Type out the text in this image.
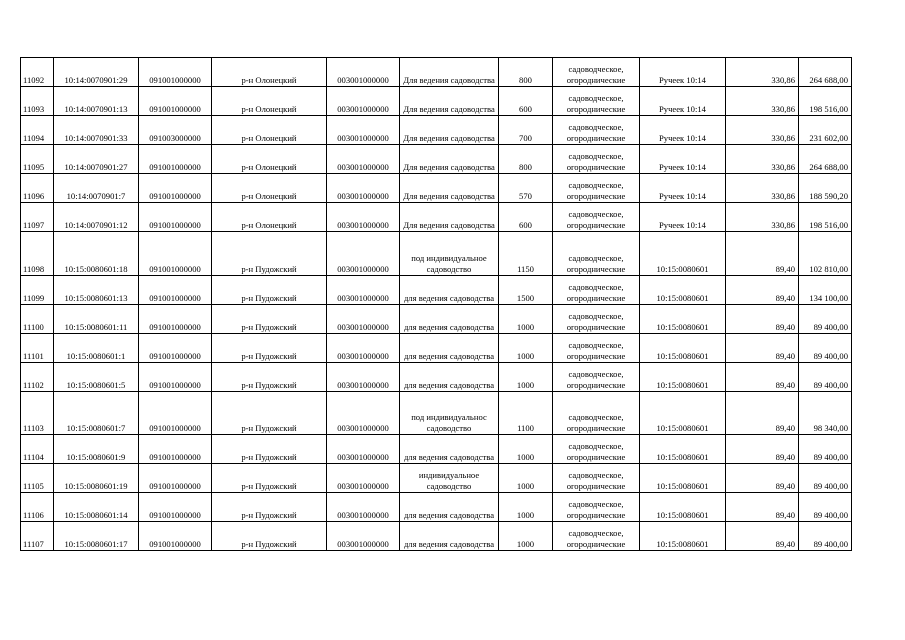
11092	10:14:0070901:29	091001000000	р-н Олонецкий	003001000000	Для ведения садоводства	800	садоводческое, огороднические	Ручеек 10:14	330,86	264 688,00
11093	10:14:0070901:13	091001000000	р-н Олонецкий	003001000000	Для ведения садоводства	600	садоводческое, огороднические	Ручеек 10:14	330,86	198 516,00
11094	10:14:0070901:33	091003000000	р-н Олонецкий	003001000000	Для ведения садоводства	700	садоводческое, огороднические	Ручеек 10:14	330,86	231 602,00
11095	10:14:0070901:27	091001000000	р-н Олонецкий	003001000000	Для ведения садоводства	800	садоводческое, огороднические	Ручеек 10:14	330,86	264 688,00
11096	10:14:0070901:7	091001000000	р-н Олонецкий	003001000000	Для ведения садоводства	570	садоводческое, огороднические	Ручеек 10:14	330,86	188 590,20
11097	10:14:0070901:12	091001000000	р-н Олонецкий	003001000000	Для ведения садоводства	600	садоводческое, огороднические	Ручеек 10:14	330,86	198 516,00
11098	10:15:0080601:18	091001000000	р-н Пудожский	003001000000	под индивидуальное садоводство	1150	садоводческое, огороднические	10:15:0080601	89,40	102 810,00
11099	10:15:0080601:13	091001000000	р-н Пудожский	003001000000	для ведения садоводства	1500	садоводческое, огороднические	10:15:0080601	89,40	134 100,00
11100	10:15:0080601:11	091001000000	р-н Пудожский	003001000000	для ведения садоводства	1000	садоводческое, огороднические	10:15:0080601	89,40	89 400,00
11101	10:15:0080601:1	091001000000	р-н Пудожский	003001000000	для ведения садоводства	1000	садоводческое, огороднические	10:15:0080601	89,40	89 400,00
11102	10:15:0080601:5	091001000000	р-н Пудожский	003001000000	для ведения садоводства	1000	садоводческое, огороднические	10:15:0080601	89,40	89 400,00
11103	10:15:0080601:7	091001000000	р-н Пудожский	003001000000	под индивидуальнос садоводство	1100	садоводческое, огороднические	10:15:0080601	89,40	98 340,00
11104	10:15:0080601:9	091001000000	р-н Пудожский	003001000000	для ведения садоводства	1000	садоводческое, огороднические	10:15:0080601	89,40	89 400,00
11105	10:15:0080601:19	091001000000	р-н Пудожский	003001000000	индивидуальное садоводство	1000	садоводческое, огороднические	10:15:0080601	89,40	89 400,00
11106	10:15:0080601:14	091001000000	р-н Пудожский	003001000000	для ведения садоводства	1000	садоводческое, огороднические	10:15:0080601	89,40	89 400,00
11107	10:15:0080601:17	091001000000	р-н Пудожский	003001000000	для ведения садоводства	1000	садоводческое, огороднические	10:15:0080601	89,40	89 400,00
